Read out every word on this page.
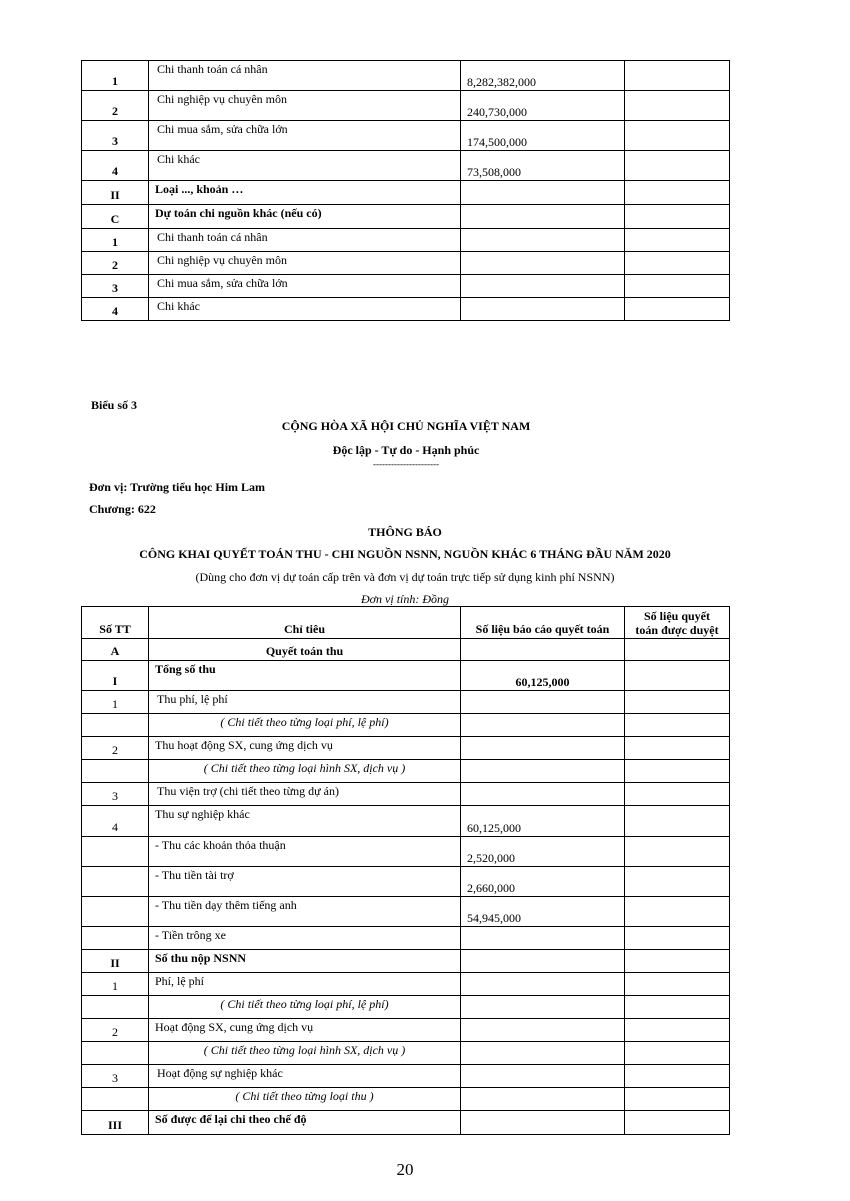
1	Chi thanh toán cá nhân	8,282,382,000	
2	Chi nghiệp vụ chuyên môn	240,730,000	
3	Chi mua sắm, sửa chữa lớn	174,500,000	
4	Chi khác	73,508,000	
II	Loại ..., khoản …		
C	Dự toán chi nguồn khác (nếu có)		
1	Chi thanh toán cá nhân		
2	Chi nghiệp vụ chuyên môn		
3	Chi mua sắm, sửa chữa lớn		
4	Chi khác		
Biểu số 3
CỘNG HÒA XÃ HỘI CHỦ NGHĨA VIỆT NAM
Độc lập - Tự do - Hạnh phúc
----------------------
Đơn vị: Trường tiểu học Him Lam
Chương: 622
THÔNG BÁO
CÔNG KHAI QUYẾT TOÁN THU - CHI NGUỒN NSNN, NGUỒN KHÁC 6 THÁNG ĐẦU NĂM 2020
(Dùng cho đơn vị dự toán cấp trên và đơn vị dự toán trực tiếp sử dụng kinh phí NSNN)
Đơn vị tính: Đồng
Số TT	Chỉ tiêu	Số liệu báo cáo quyết toán	Số liệu quyết
toán được duyệt

A	Quyết toán thu		
I	Tổng số thu	60,125,000	
1	Thu phí, lệ phí		
	( Chi tiết theo từng loại phí, lệ phí)		
2	Thu hoạt động SX, cung ứng dịch vụ		
	( Chi tiết theo từng loại hình SX, dịch vụ )		
3	Thu viện trợ (chi tiết theo từng dự án)		
4	Thu sự nghiệp khác	60,125,000	
	- Thu các khoản thỏa thuận	2,520,000	
	- Thu tiền tài trợ	2,660,000	
	- Thu tiền dạy thêm tiếng anh	54,945,000	
	- Tiền trông xe		
II	Số thu nộp NSNN		
1	Phí, lệ phí		
	( Chi tiết theo từng loại phí, lệ phí)		
2	Hoạt động SX, cung ứng dịch vụ		
	( Chi tiết theo từng loại hình SX, dịch vụ )		
3	Hoạt động sự nghiệp khác		
	( Chi tiết theo từng loại thu )		
III	Số được để lại chi theo chế độ		
20
